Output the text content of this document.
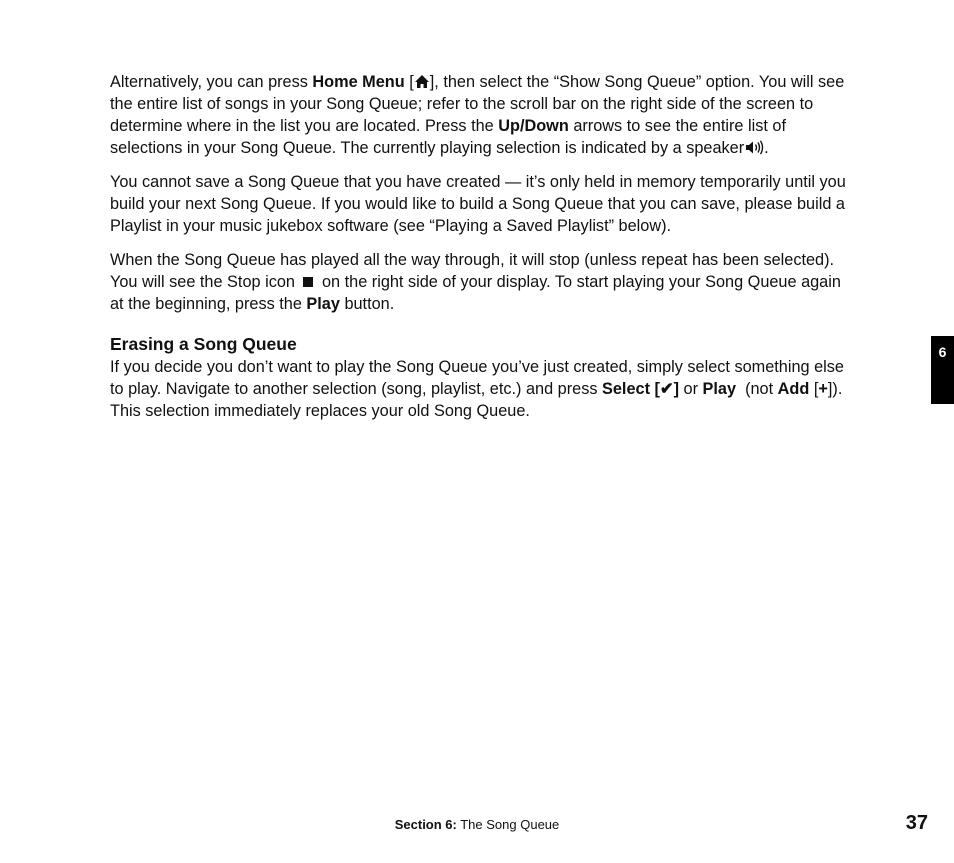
Alternatively, you can press Home Menu [ ], then select the “Show Song Queue” option. You will see the entire list of songs in your Song Queue; refer to the scroll bar on the right side of the screen to determine where in the list you are located. Press the Up/Down arrows to see the entire list of selections in your Song Queue. The currently playing selection is indicated by a speaker .

You cannot save a Song Queue that you have created — it’s only held in memory temporarily until you build your next Song Queue. If you would like to build a Song Queue that you can save, please build a Playlist in your music jukebox software (see “Playing a Saved Playlist” below).

When the Song Queue has played all the way through, it will stop (unless repeat has been selected). You will see the Stop icon  on the right side of your display. To start playing your Song Queue again at the beginning, press the Play button.

Erasing a Song Queue

If you decide you don’t want to play the Song Queue you’ve just created, simply select something else to play. Navigate to another selection (song, playlist, etc.) and press Select [✔] or Play  (not Add [+]). This selection immediately replaces your old Song Queue.

6
Section 6: The Song Queue	37
